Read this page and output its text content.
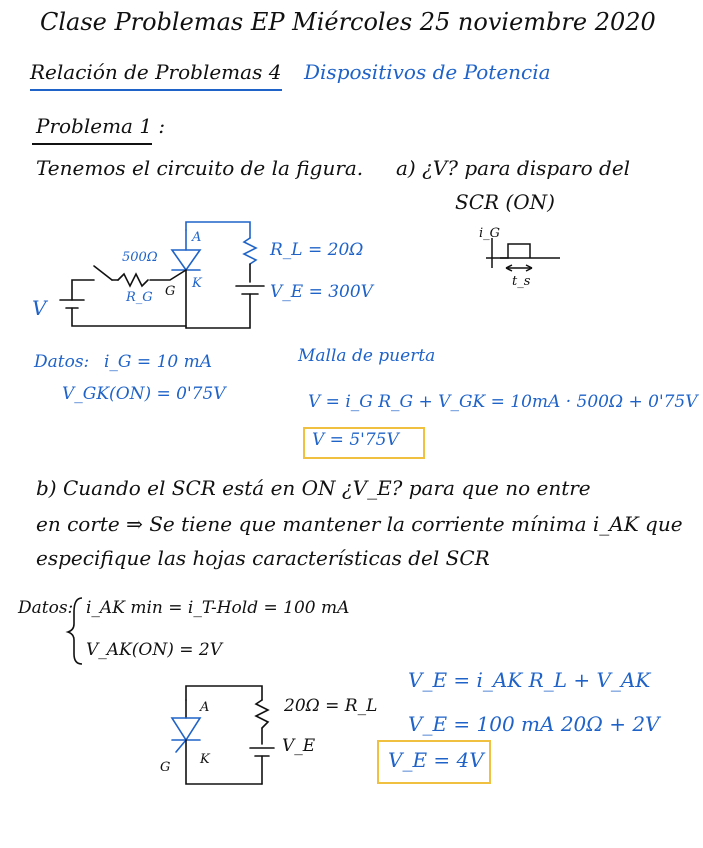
Clase Problemas EP Miércoles 25 noviembre 2020
Relación de Problemas 4 Dispositivos de Potencia
Problema 1 :
Tenemos el circuito de la figura. a) ¿V? para disparo del
SCR (ON)
i_G
t_s
500Ω
R_G
A
G
K
R_L = 20Ω
V_E = 300V
V
Datos: i_G = 10 mA
V_GK(ON) = 0'75V
Malla de puerta
V = i_G R_G + V_GK = 10mA · 500Ω + 0'75V
V = 5'75V
b) Cuando el SCR está en ON ¿V_E? para que no entre
en corte ⇒ Se tiene que mantener la corriente mínima i_AK que
especifique las hojas características del SCR
Datos: i_AK min = i_T-Hold = 100 mA
V_AK(ON) = 2V
A
K
G
20Ω = R_L
V_E
V_E = i_AK R_L + V_AK
V_E = 100 mA 20Ω + 2V
V_E = 4V
